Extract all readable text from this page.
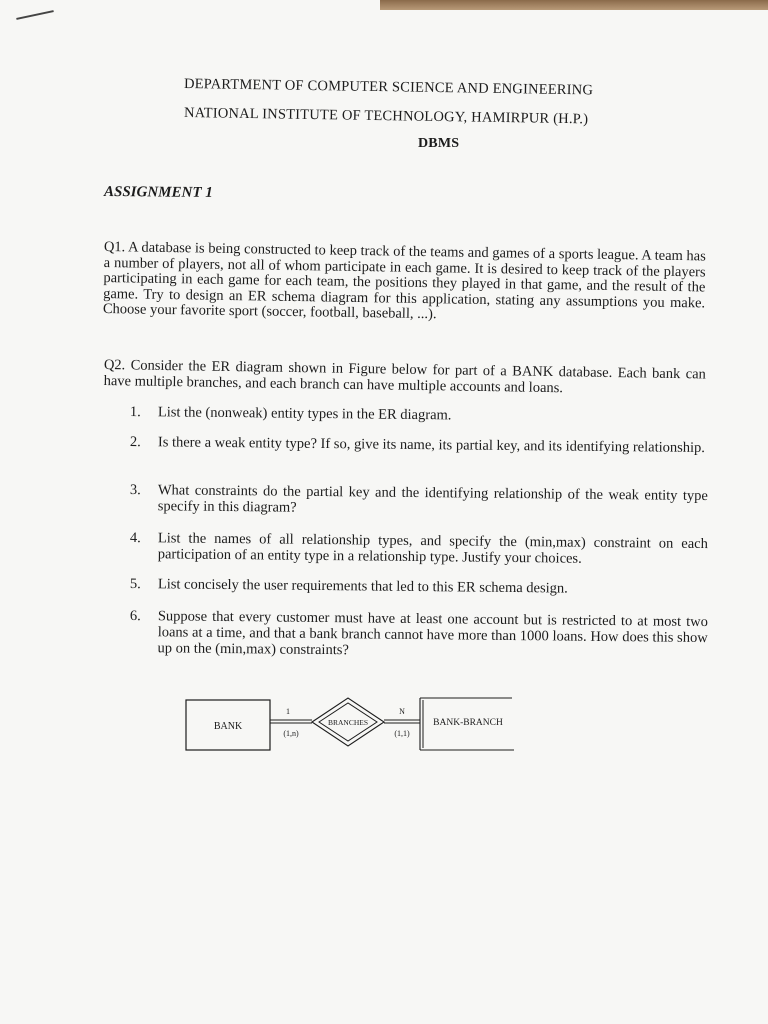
DEPARTMENT OF COMPUTER SCIENCE AND ENGINEERING
NATIONAL INSTITUTE OF TECHNOLOGY, HAMIRPUR (H.P.)
DBMS
ASSIGNMENT 1
Q1. A database is being constructed to keep track of the teams and games of a sports league. A team has a number of players, not all of whom participate in each game. It is desired to keep track of the players participating in each game for each team, the positions they played in that game, and the result of the game. Try to design an ER schema diagram for this application, stating any assumptions you make. Choose your favorite sport (soccer, football, baseball, ...).
Q2. Consider the ER diagram shown in Figure below for part of a BANK database. Each bank can have multiple branches, and each branch can have multiple accounts and loans.
1.	List the (nonweak) entity types in the ER diagram.
2.	Is there a weak entity type? If so, give its name, its partial key, and its identifying relationship.
3.	What constraints do the partial key and the identifying relationship of the weak entity type specify in this diagram?
4.	List the names of all relationship types, and specify the (min,max) constraint on each participation of an entity type in a relationship type. Justify your choices.
5.	List concisely the user requirements that led to this ER schema design.
6.	Suppose that every customer must have at least one account but is restricted to at most two loans at a time, and that a bank branch cannot have more than 1000 loans. How does this show up on the (min,max) constraints?
BANK
1
(1,n)
BRANCHES
N
(1,1)
BANK-BRANCH
